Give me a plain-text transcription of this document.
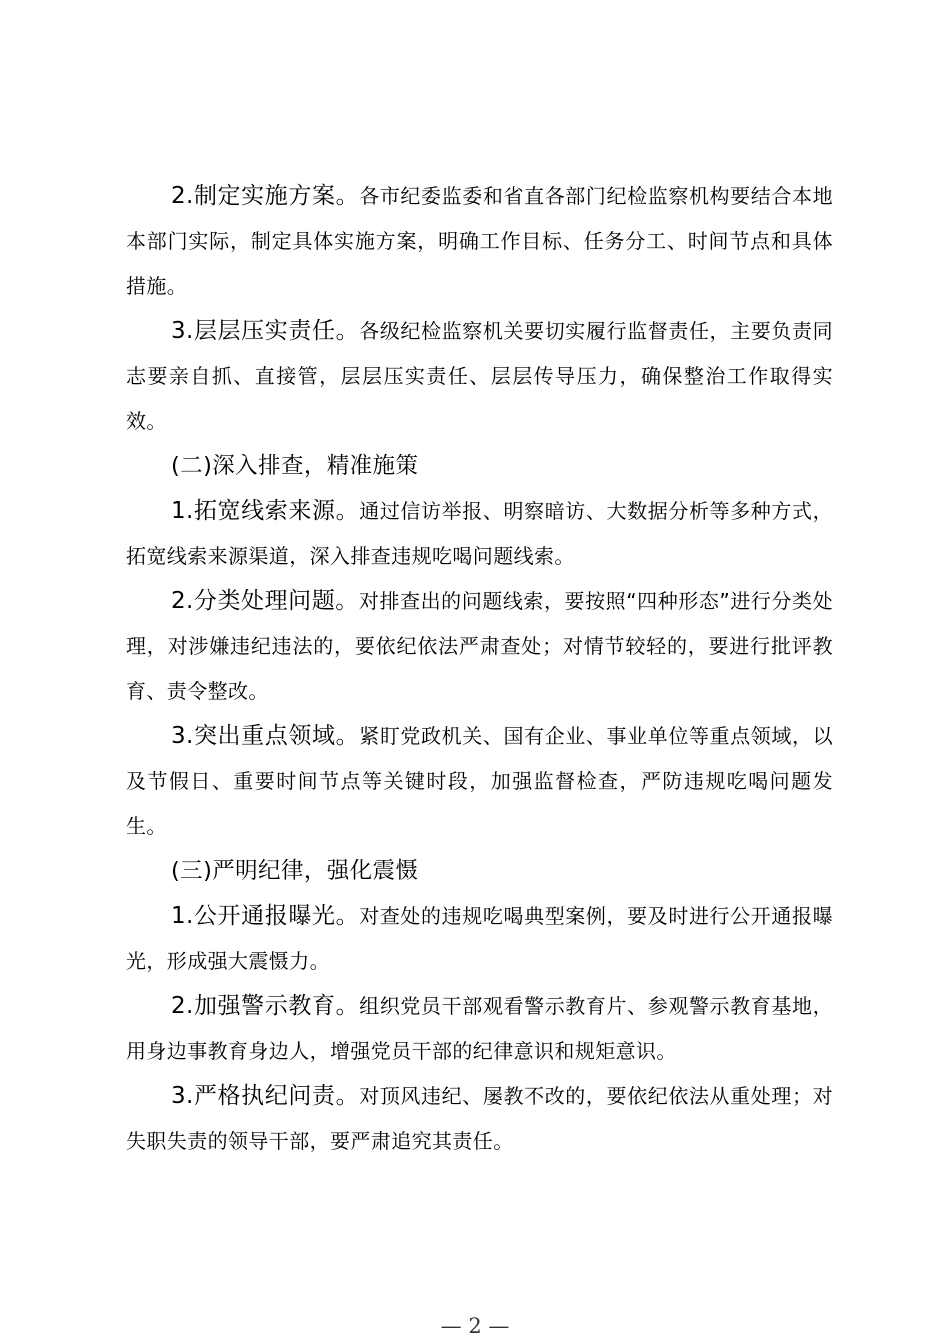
2.制定实施方案。各市纪委监委和省直各部门纪检监察机构要结合本地本部门实际，制定具体实施方案，明确工作目标、任务分工、时间节点和具体措施。

3.层层压实责任。各级纪检监察机关要切实履行监督责任，主要负责同志要亲自抓、直接管，层层压实责任、层层传导压力，确保整治工作取得实效。

(二)深入排查，精准施策

1.拓宽线索来源。通过信访举报、明察暗访、大数据分析等多种方式，拓宽线索来源渠道，深入排查违规吃喝问题线索。

2.分类处理问题。对排查出的问题线索，要按照“四种形态”进行分类处理，对涉嫌违纪违法的，要依纪依法严肃查处；对情节较轻的，要进行批评教育、责令整改。

3.突出重点领域。紧盯党政机关、国有企业、事业单位等重点领域，以及节假日、重要时间节点等关键时段，加强监督检查，严防违规吃喝问题发生。

(三)严明纪律，强化震慑

1.公开通报曝光。对查处的违规吃喝典型案例，要及时进行公开通报曝光，形成强大震慑力。

2.加强警示教育。组织党员干部观看警示教育片、参观警示教育基地，用身边事教育身边人，增强党员干部的纪律意识和规矩意识。

3.严格执纪问责。对顶风违纪、屡教不改的，要依纪依法从重处理；对失职失责的领导干部，要严肃追究其责任。

— 2 —
